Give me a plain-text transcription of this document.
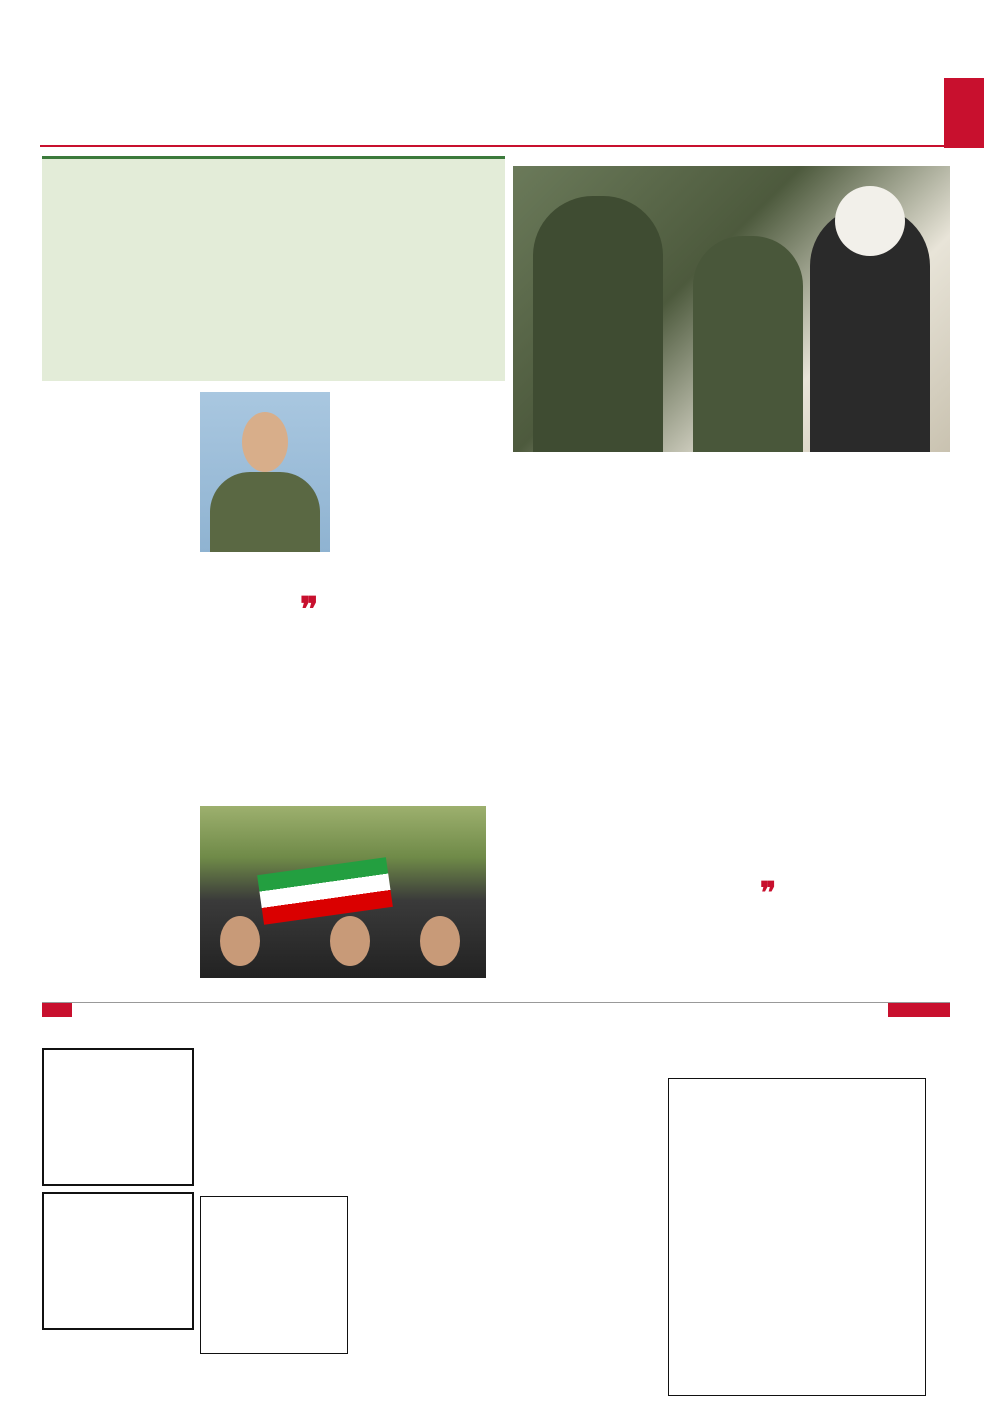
❞
❞
